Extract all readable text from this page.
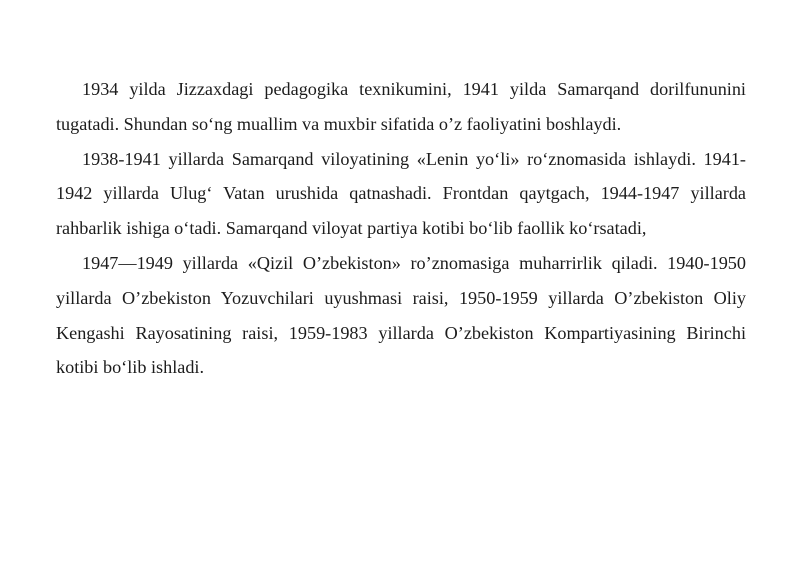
1934 yilda Jizzaxdagi pedagogika texnikumini, 1941 yilda Samarqand dorilfununini tugatadi. Shundan so‘ng muallim va muxbir sifatida o’z faoliyatini boshlaydi.

1938-1941 yillarda Samarqand viloyatining «Lenin yo‘li» ro‘znomasida ishlaydi. 1941-1942 yillarda Ulug‘ Vatan urushida qatnashadi. Frontdan qaytgach, 1944-1947 yillarda rahbarlik ishiga o‘tadi. Samarqand viloyat partiya kotibi bo‘lib faollik ko‘rsatadi,

1947—1949 yillarda «Qizil O’zbekiston» ro’znomasiga muharrirlik qiladi. 1940-1950 yillarda O’zbekiston Yozuvchilari uyushmasi raisi, 1950-1959 yillarda O’zbekiston Oliy Kengashi Rayosatining raisi, 1959-1983 yillarda O’zbekiston Kompartiyasining Birinchi kotibi bo‘lib ishladi.
